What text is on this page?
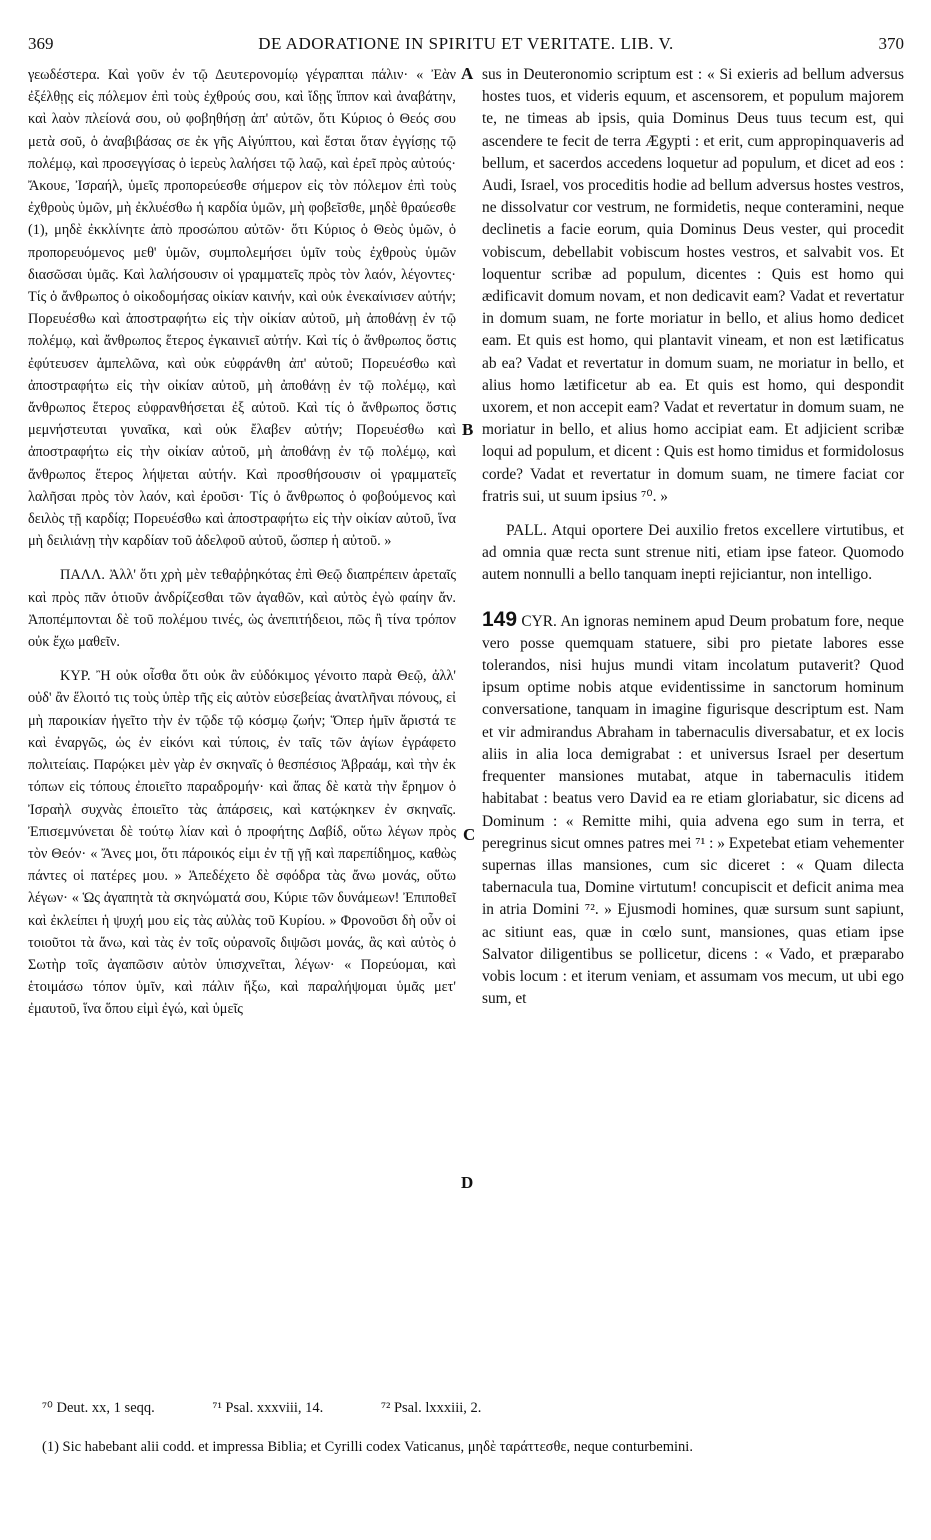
369	DE ADORATIONE IN SPIRITU ET VERITATE. LIB. V.	370

γεωδέστερα. Καὶ γοῦν ἐν τῷ Δευτερονομίῳ γέγραπται πάλιν· « Ἐὰν ἐξέλθῃς εἰς πόλεμον ἐπὶ τοὺς ἐχθρούς σου, καὶ ἴδῃς ἵππον καὶ ἀναβάτην, καὶ λαὸν πλείονά σου, οὐ φοβηθήσῃ ἀπ' αὐτῶν, ὅτι Κύριος ὁ Θεός σου μετὰ σοῦ, ὁ ἀναβιβάσας σε ἐκ γῆς Αἰγύπτου, καὶ ἔσται ὅταν ἐγγίσῃς τῷ πολέμῳ, καὶ προσεγγίσας ὁ ἱερεὺς λαλήσει τῷ λαῷ, καὶ ἐρεῖ πρὸς αὐτούς· Ἄκουε, Ἰσραήλ, ὑμεῖς προπορεύεσθε σήμερον εἰς τὸν πόλεμον ἐπὶ τοὺς ἐχθροὺς ὑμῶν, μὴ ἐκλυέσθω ἡ καρδία ὑμῶν, μὴ φοβεῖσθε, μηδὲ θραύεσθε (1), μηδὲ ἐκκλίνητε ἀπὸ προσώπου αὐτῶν· ὅτι Κύριος ὁ Θεὸς ὑμῶν, ὁ προπορευόμενος μεθ' ὑμῶν, συμπολεμήσει ὑμῖν τοὺς ἐχθροὺς ὑμῶν διασῶσαι ὑμᾶς. Καὶ λαλήσουσιν οἱ γραμματεῖς πρὸς τὸν λαόν, λέγοντες· Τίς ὁ ἄνθρωπος ὁ οἰκοδομήσας οἰκίαν καινήν, καὶ οὐκ ἐνεκαίνισεν αὐτήν; Πορευέσθω καὶ ἀποστραφήτω εἰς τὴν οἰκίαν αὐτοῦ, μὴ ἀποθάνῃ ἐν τῷ πολέμῳ, καὶ ἄνθρωπος ἕτερος ἐγκαινιεῖ αὐτήν. Καὶ τίς ὁ ἄνθρωπος ὅστις ἐφύτευσεν ἀμπελῶνα, καὶ οὐκ εὐφράνθη ἀπ' αὐτοῦ; Πορευέσθω καὶ ἀποστραφήτω εἰς τὴν οἰκίαν αὐτοῦ, μὴ ἀποθάνῃ ἐν τῷ πολέμῳ, καὶ ἄνθρωπος ἕτερος εὐφρανθήσεται ἐξ αὐτοῦ. Καὶ τίς ὁ ἄνθρωπος ὅστις μεμνήστευται γυναῖκα, καὶ οὐκ ἔλαβεν αὐτήν; Πορευέσθω καὶ ἀποστραφήτω εἰς τὴν οἰκίαν αὐτοῦ, μὴ ἀποθάνῃ ἐν τῷ πολέμῳ, καὶ ἄνθρωπος ἕτερος λήψεται αὐτήν. Καὶ προσθήσουσιν οἱ γραμματεῖς λαλῆσαι πρὸς τὸν λαόν, καὶ ἐροῦσι· Τίς ὁ ἄνθρωπος ὁ φοβούμενος καὶ δειλὸς τῇ καρδίᾳ; Πορευέσθω καὶ ἀποστραφήτω εἰς τὴν οἰκίαν αὐτοῦ, ἵνα μὴ δειλιάνῃ τὴν καρδίαν τοῦ ἀδελφοῦ αὐτοῦ, ὥσπερ ἡ αὐτοῦ. »

ΠΑΛΛ. Ἀλλ' ὅτι χρὴ μὲν τεθαῤῥηκότας ἐπὶ Θεῷ διαπρέπειν ἀρεταῖς καὶ πρὸς πᾶν ὁτιοῦν ἀνδρίζεσθαι τῶν ἀγαθῶν, καὶ αὐτὸς ἐγὼ φαίην ἄν. Ἀποπέμπονται δὲ τοῦ πολέμου τινές, ὡς ἀνεπιτήδειοι, πῶς ἢ τίνα τρόπον οὐκ ἔχω μαθεῖν.

ΚΥΡ. Ἢ οὐκ οἶσθα ὅτι οὐκ ἂν εὐδόκιμος γένοιτο παρὰ Θεῷ, ἀλλ' οὐδ' ἂν ἕλοιτό τις τοὺς ὑπὲρ τῆς εἰς αὐτὸν εὐσεβείας ἀνατλῆναι πόνους, εἰ μὴ παροικίαν ἡγεῖτο τὴν ἐν τῷδε τῷ κόσμῳ ζωήν; Ὅπερ ἡμῖν ἄριστά τε καὶ ἐναργῶς, ὡς ἐν εἰκόνι καὶ τύποις, ἐν ταῖς τῶν ἁγίων ἐγράφετο πολιτείαις. Παρῴκει μὲν γὰρ ἐν σκηναῖς ὁ θεσπέσιος Ἀβραάμ, καὶ τὴν ἐκ τόπων εἰς τόπους ἐποιεῖτο παραδρομήν· καὶ ἅπας δὲ κατὰ τὴν ἔρημον ὁ Ἰσραὴλ συχνὰς ἐποιεῖτο τὰς ἀπάρσεις, καὶ κατῴκηκεν ἐν σκηναῖς. Ἐπισεμνύνεται δὲ τούτῳ λίαν καὶ ὁ προφήτης Δαβίδ, οὕτω λέγων πρὸς τὸν Θεόν· « Ἄνες μοι, ὅτι πάροικός εἰμι ἐν τῇ γῇ καὶ παρεπίδημος, καθὼς πάντες οἱ πατέρες μου. » Ἀπεδέχετο δὲ σφόδρα τὰς ἄνω μονάς, οὕτω λέγων· « Ὡς ἀγαπητὰ τὰ σκηνώματά σου, Κύριε τῶν δυνάμεων! Ἐπιποθεῖ καὶ ἐκλείπει ἡ ψυχή μου εἰς τὰς αὐλὰς τοῦ Κυρίου. » Φρονοῦσι δὴ οὖν οἱ τοιοῦτοι τὰ ἄνω, καὶ τὰς ἐν τοῖς οὐρανοῖς διψῶσι μονάς, ἃς καὶ αὐτὸς ὁ Σωτὴρ τοῖς ἀγαπῶσιν αὐτὸν ὑπισχνεῖται, λέγων· « Πορεύομαι, καὶ ἑτοιμάσω τόπον ὑμῖν, καὶ πάλιν ἥξω, καὶ παραλήψομαι ὑμᾶς μετ' ἐμαυτοῦ, ἵνα ὅπου εἰμὶ ἐγώ, καὶ ὑμεῖς

sus in Deuteronomio scriptum est : « Si exieris ad bellum adversus hostes tuos, et videris equum, et ascensorem, et populum majorem te, ne timeas ab ipsis, quia Dominus Deus tuus tecum est, qui ascendere te fecit de terra Ægypti : et erit, cum appropinquaveris ad bellum, et sacerdos accedens loquetur ad populum, et dicet ad eos : Audi, Israel, vos proceditis hodie ad bellum adversus hostes vestros, ne dissolvatur cor vestrum, ne formidetis, neque conteramini, neque declinetis a facie eorum, quia Dominus Deus vester, qui procedit vobiscum, debellabit vobiscum hostes vestros, et salvabit vos. Et loquentur scribæ ad populum, dicentes : Quis est homo qui ædificavit domum novam, et non dedicavit eam? Vadat et revertatur in domum suam, ne forte moriatur in bello, et alius homo dedicet eam. Et quis est homo, qui plantavit vineam, et non est lætificatus ab ea? Vadat et revertatur in domum suam, ne moriatur in bello, et alius homo lætificetur ab ea. Et quis est homo, qui despondit uxorem, et non accepit eam? Vadat et revertatur in domum suam, ne moriatur in bello, et alius homo accipiat eam. Et adjicient scribæ loqui ad populum, et dicent : Quis est homo timidus et formidolosus corde? Vadat et revertatur in domum suam, ne timere faciat cor fratris sui, ut suum ipsius ⁷⁰. »

PALL. Atqui oportere Dei auxilio fretos excellere virtutibus, et ad omnia quæ recta sunt strenue niti, etiam ipse fateor. Quomodo autem nonnulli a bello tanquam inepti rejiciantur, non intelligo.

149 CYR. An ignoras neminem apud Deum probatum fore, neque vero posse quemquam statuere, sibi pro pietate labores esse tolerandos, nisi hujus mundi vitam incolatum putaverit? Quod ipsum optime nobis atque evidentissime in sanctorum hominum conversatione, tanquam in imagine figurisque descriptum est. Nam et vir admirandus Abraham in tabernaculis diversabatur, et ex locis aliis in alia loca demigrabat : et universus Israel per desertum frequenter mansiones mutabat, atque in tabernaculis itidem habitabat : beatus vero David ea re etiam gloriabatur, sic dicens ad Dominum : « Remitte mihi, quia advena ego sum in terra, et peregrinus sicut omnes patres mei ⁷¹ : » Expetebat etiam vehementer supernas illas mansiones, cum sic diceret : « Quam dilecta tabernacula tua, Domine virtutum! concupiscit et deficit anima mea in atria Domini ⁷². » Ejusmodi homines, quæ sursum sunt sapiunt, ac sitiunt eas, quæ in cœlo sunt, mansiones, quas etiam ipse Salvator diligentibus se pollicetur, dicens : « Vado, et præparabo vobis locum : et iterum veniam, et assumam vos mecum, ut ubi ego sum, et

A
B
C
D
⁷⁰ Deut. xx, 1 seqq.	⁷¹ Psal. xxxviii, 14.	⁷² Psal. lxxxiii, 2.
(1) Sic habebant alii codd. et impressa Biblia; et Cyrilli codex Vaticanus, μηδὲ ταράττεσθε, neque conturbemini.
